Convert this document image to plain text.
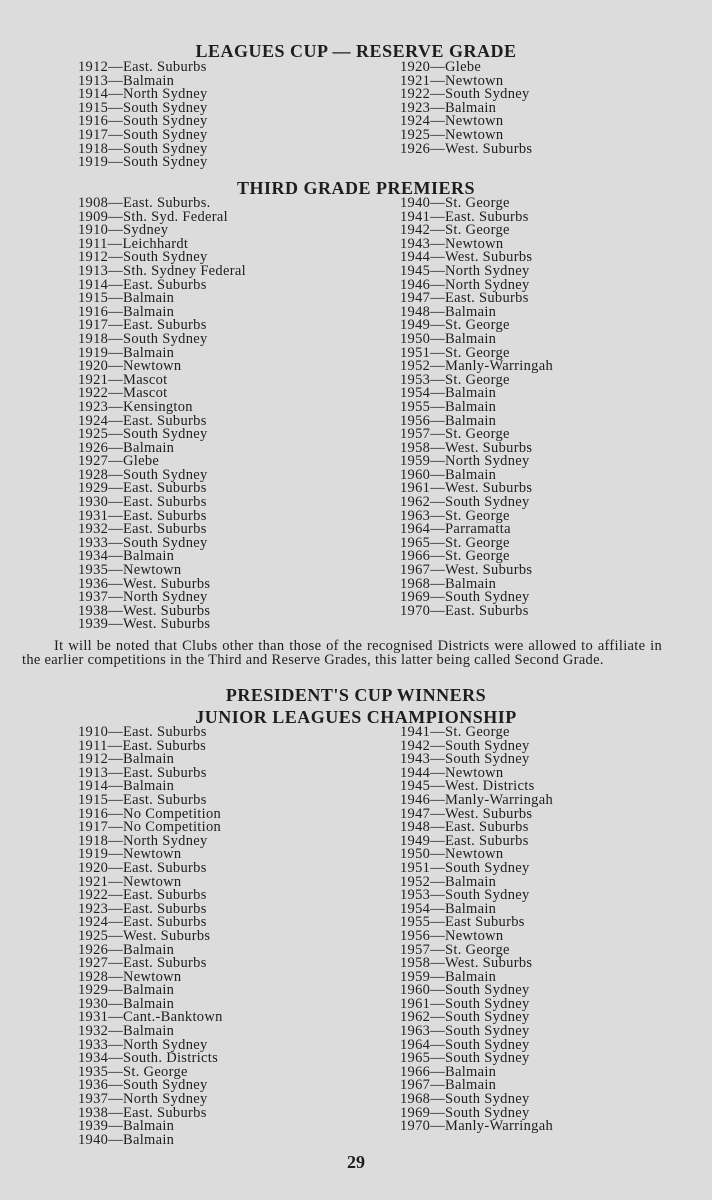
LEAGUES CUP — RESERVE GRADE
1912—East. Suburbs
1913—Balmain
1914—North Sydney
1915—South Sydney
1916—South Sydney
1917—South Sydney
1918—South Sydney
1919—South Sydney
1920—Glebe
1921—Newtown
1922—South Sydney
1923—Balmain
1924—Newtown
1925—Newtown
1926—West. Suburbs
THIRD GRADE PREMIERS
1908—East. Suburbs.
1909—Sth. Syd. Federal
1910—Sydney
1911—Leichhardt
1912—South Sydney
1913—Sth. Sydney Federal
1914—East. Suburbs
1915—Balmain
1916—Balmain
1917—East. Suburbs
1918—South Sydney
1919—Balmain
1920—Newtown
1921—Mascot
1922—Mascot
1923—Kensington
1924—East. Suburbs
1925—South Sydney
1926—Balmain
1927—Glebe
1928—South Sydney
1929—East. Suburbs
1930—East. Suburbs
1931—East. Suburbs
1932—East. Suburbs
1933—South Sydney
1934—Balmain
1935—Newtown
1936—West. Suburbs
1937—North Sydney
1938—West. Suburbs
1939—West. Suburbs
1940—St. George
1941—East. Suburbs
1942—St. George
1943—Newtown
1944—West. Suburbs
1945—North Sydney
1946—North Sydney
1947—East. Suburbs
1948—Balmain
1949—St. George
1950—Balmain
1951—St. George
1952—Manly-Warringah
1953—St. George
1954—Balmain
1955—Balmain
1956—Balmain
1957—St. George
1958—West. Suburbs
1959—North Sydney
1960—Balmain
1961—West. Suburbs
1962—South Sydney
1963—St. George
1964—Parramatta
1965—St. George
1966—St. George
1967—West. Suburbs
1968—Balmain
1969—South Sydney
1970—East. Suburbs
It will be noted that Clubs other than those of the recognised Districts were allowed to affiliate in the earlier competitions in the Third and Reserve Grades, this latter being called Second Grade.
PRESIDENT'S CUP WINNERS
JUNIOR LEAGUES CHAMPIONSHIP
1910—East. Suburbs
1911—East. Suburbs
1912—Balmain
1913—East. Suburbs
1914—Balmain
1915—East. Suburbs
1916—No Competition
1917—No Competition
1918—North Sydney
1919—Newtown
1920—East. Suburbs
1921—Newtown
1922—East. Suburbs
1923—East. Suburbs
1924—East. Suburbs
1925—West. Suburbs
1926—Balmain
1927—East. Suburbs
1928—Newtown
1929—Balmain
1930—Balmain
1931—Cant.-Banktown
1932—Balmain
1933—North Sydney
1934—South. Districts
1935—St. George
1936—South Sydney
1937—North Sydney
1938—East. Suburbs
1939—Balmain
1940—Balmain
1941—St. George
1942—South Sydney
1943—South Sydney
1944—Newtown
1945—West. Districts
1946—Manly-Warringah
1947—West. Suburbs
1948—East. Suburbs
1949—East. Suburbs
1950—Newtown
1951—South Sydney
1952—Balmain
1953—South Sydney
1954—Balmain
1955—East Suburbs
1956—Newtown
1957—St. George
1958—West. Suburbs
1959—Balmain
1960—South Sydney
1961—South Sydney
1962—South Sydney
1963—South Sydney
1964—South Sydney
1965—South Sydney
1966—Balmain
1967—Balmain
1968—South Sydney
1969—South Sydney
1970—Manly-Warringah
29
